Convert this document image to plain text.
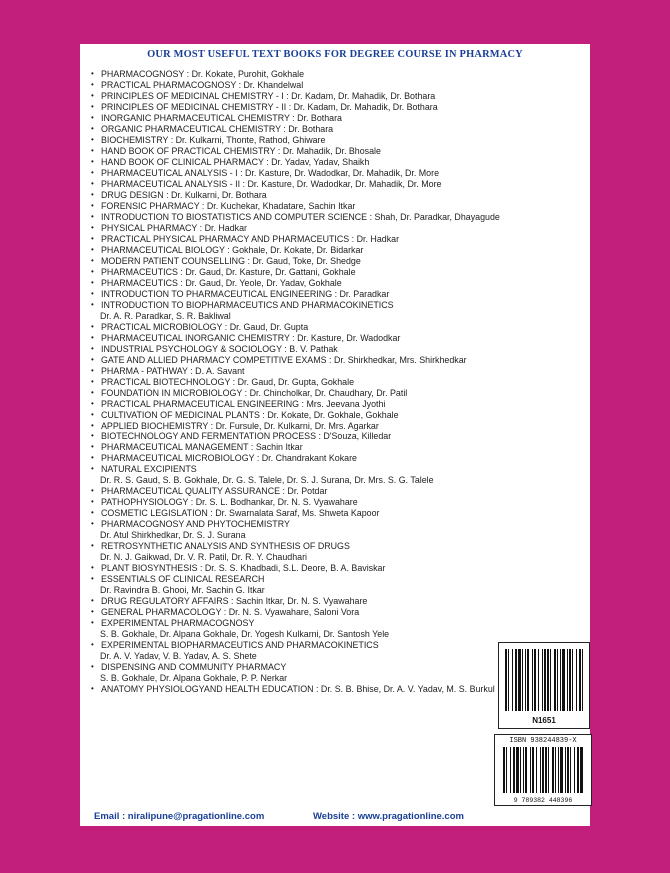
OUR MOST USEFUL TEXT BOOKS FOR DEGREE COURSE IN PHARMACY
• PHARMACOGNOSY : Dr. Kokate, Purohit, Gokhale
• PRACTICAL PHARMACOGNOSY : Dr. Khandelwal
• PRINCIPLES OF MEDICINAL CHEMISTRY - I : Dr. Kadam, Dr. Mahadik, Dr. Bothara
• PRINCIPLES OF MEDICINAL CHEMISTRY - II : Dr. Kadam, Dr. Mahadik, Dr. Bothara
• INORGANIC PHARMACEUTICAL CHEMISTRY : Dr. Bothara
• ORGANIC PHARMACEUTICAL CHEMISTRY : Dr. Bothara
• BIOCHEMISTRY : Dr. Kulkarni, Thonte, Rathod, Ghiware
• HAND BOOK OF PRACTICAL CHEMISTRY : Dr. Mahadik, Dr. Bhosale
• HAND BOOK OF CLINICAL PHARMACY : Dr. Yadav, Yadav, Shaikh
• PHARMACEUTICAL ANALYSIS - I : Dr. Kasture, Dr. Wadodkar, Dr. Mahadik, Dr. More
• PHARMACEUTICAL ANALYSIS - II : Dr. Kasture, Dr. Wadodkar, Dr. Mahadik, Dr. More
• DRUG DESIGN : Dr. Kulkarni, Dr. Bothara
• FORENSIC PHARMACY : Dr. Kuchekar, Khadatare, Sachin Itkar
• INTRODUCTION TO BIOSTATISTICS AND COMPUTER SCIENCE : Shah, Dr. Paradkar, Dhayagude
• PHYSICAL PHARMACY : Dr. Hadkar
• PRACTICAL PHYSICAL PHARMACY AND PHARMACEUTICS : Dr. Hadkar
• PHARMACEUTICAL BIOLOGY : Gokhale, Dr. Kokate, Dr. Bidarkar
• MODERN PATIENT COUNSELLING : Dr. Gaud, Toke, Dr. Shedge
• PHARMACEUTICS : Dr. Gaud, Dr. Kasture, Dr. Gattani, Gokhale
• PHARMACEUTICS : Dr. Gaud, Dr. Yeole, Dr. Yadav, Gokhale
• INTRODUCTION TO PHARMACEUTICAL ENGINEERING : Dr. Paradkar
• INTRODUCTION TO BIOPHARMACEUTICS AND PHARMACOKINETICS
Dr. A. R. Paradkar, S. R. Bakliwal
• PRACTICAL MICROBIOLOGY : Dr. Gaud, Dr. Gupta
• PHARMACEUTICAL INORGANIC CHEMISTRY : Dr. Kasture, Dr. Wadodkar
• INDUSTRIAL PSYCHOLOGY & SOCIOLOGY : B. V. Pathak
• GATE AND ALLIED PHARMACY COMPETITIVE EXAMS : Dr. Shirkhedkar, Mrs. Shirkhedkar
• PHARMA - PATHWAY : D. A. Savant
• PRACTICAL BIOTECHNOLOGY : Dr. Gaud, Dr. Gupta, Gokhale
• FOUNDATION IN MICROBIOLOGY : Dr. Chincholkar, Dr. Chaudhary, Dr. Patil
• PRACTICAL PHARMACEUTICAL ENGINEERING : Mrs. Jeevana Jyothi
• CULTIVATION OF MEDICINAL PLANTS : Dr. Kokate, Dr. Gokhale, Gokhale
• APPLIED BIOCHEMISTRY : Dr. Fursule, Dr. Kulkarni, Dr. Mrs. Agarkar
• BIOTECHNOLOGY AND FERMENTATION PROCESS : D'Souza, Killedar
• PHARMACEUTICAL MANAGEMENT : Sachin Itkar
• PHARMACEUTICAL MICROBIOLOGY : Dr. Chandrakant Kokare
• NATURAL EXCIPIENTS
Dr. R. S. Gaud, S. B. Gokhale, Dr. G. S. Talele, Dr. S. J. Surana, Dr. Mrs. S. G. Talele
• PHARMACEUTICAL QUALITY ASSURANCE : Dr. Potdar
• PATHOPHYSIOLOGY : Dr. S. L. Bodhankar, Dr. N. S. Vyawahare
• COSMETIC LEGISLATION : Dr. Swarnalata Saraf, Ms. Shweta Kapoor
• PHARMACOGNOSY AND PHYTOCHEMISTRY
Dr. Atul Shirkhedkar, Dr. S. J. Surana
• RETROSYNTHETIC ANALYSIS AND SYNTHESIS OF DRUGS
Dr. N. J. Gaikwad, Dr. V. R. Patil, Dr. R. Y. Chaudhari
• PLANT BIOSYNTHESIS : Dr. S. S. Khadbadi, S.L. Deore, B. A. Baviskar
• ESSENTIALS OF CLINICAL RESEARCH
Dr. Ravindra B. Ghooi, Mr. Sachin G. Itkar
• DRUG REGULATORY AFFAIRS : Sachin Itkar, Dr. N. S. Vyawahare
• GENERAL PHARMACOLOGY : Dr. N. S. Vyawahare, Saloni Vora
• EXPERIMENTAL PHARMACOGNOSY
S. B. Gokhale, Dr. Alpana Gokhale, Dr. Yogesh Kulkarni, Dr. Santosh Yele
• EXPERIMENTAL BIOPHARMACEUTICS AND PHARMACOKINETICS
Dr. A. V. Yadav, V. B. Yadav, A. S. Shete
• DISPENSING AND COMMUNITY PHARMACY
S. B. Gokhale, Dr. Alpana Gokhale, P. P. Nerkar
• ANATOMY PHYSIOLOGYAND HEALTH EDUCATION : Dr. S. B. Bhise, Dr. A. V. Yadav, M. S. Burkul
N1651
ISBN 938244839-X
9 789382 448396
Email : niralipune@pragationline.com	Website : www.pragationline.com
